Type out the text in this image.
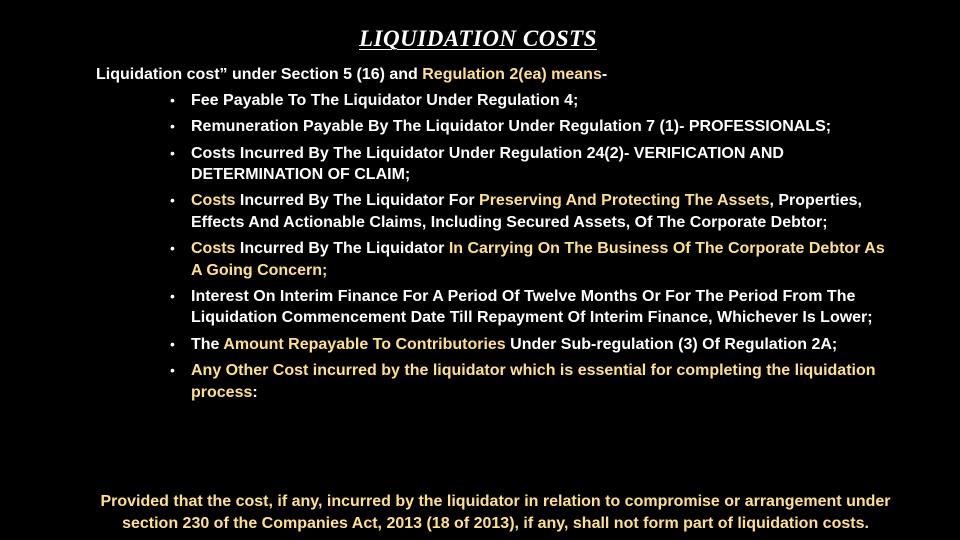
LIQUIDATION COSTS
Liquidation cost” under Section 5 (16) and Regulation 2(ea) means-
• Fee Payable To The Liquidator Under Regulation 4;
• Remuneration Payable By The Liquidator Under Regulation 7 (1)- PROFESSIONALS;
• Costs Incurred By The Liquidator Under Regulation 24(2)- VERIFICATION AND DETERMINATION OF CLAIM;
• Costs Incurred By The Liquidator For Preserving And Protecting The Assets, Properties, Effects And Actionable Claims, Including Secured Assets, Of The Corporate Debtor;
• Costs Incurred By The Liquidator In Carrying On The Business Of The Corporate Debtor As A Going Concern;
• Interest On Interim Finance For A Period Of Twelve Months Or For The Period From The Liquidation Commencement Date Till Repayment Of Interim Finance, Whichever Is Lower;
• The Amount Repayable To Contributories Under Sub-regulation (3) Of Regulation 2A;
• Any Other Cost incurred by the liquidator which is essential for completing the liquidation process:
Provided that the cost, if any, incurred by the liquidator in relation to compromise or arrangement under section 230 of the Companies Act, 2013 (18 of 2013), if any, shall not form part of liquidation costs.
